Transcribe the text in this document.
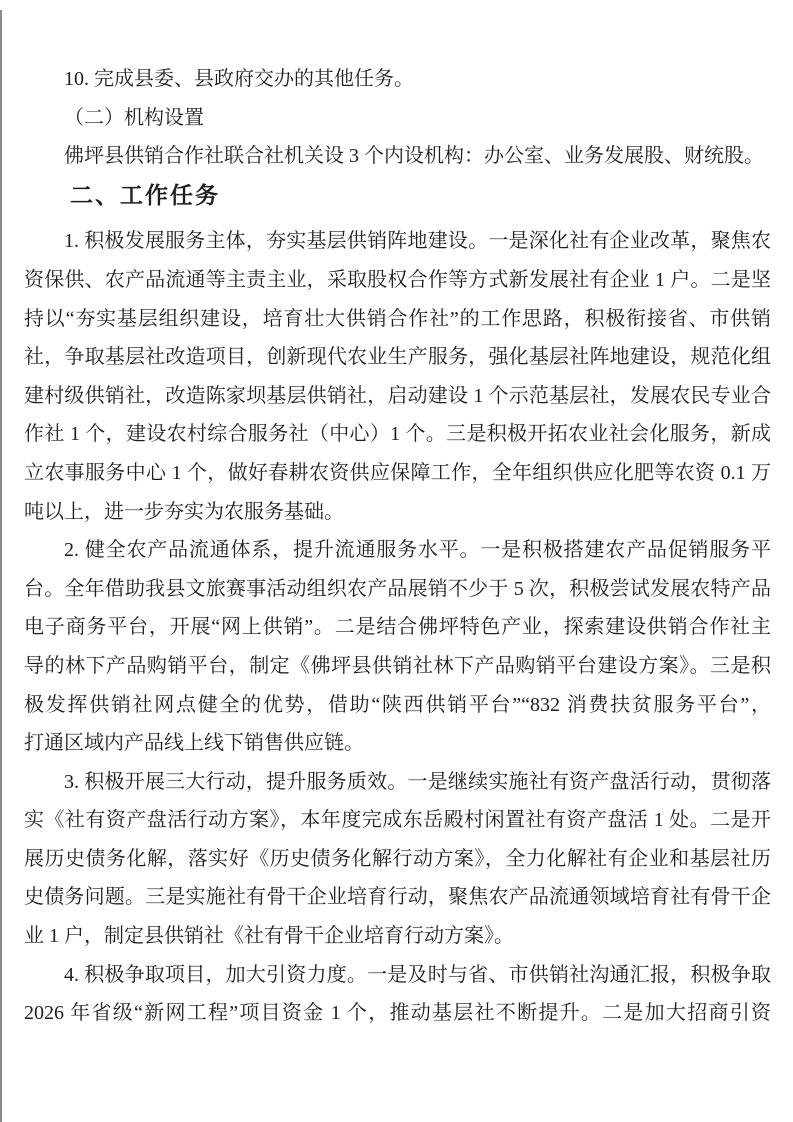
10. 完成县委、县政府交办的其他任务。
（二）机构设置
佛坪县供销合作社联合社机关设 3 个内设机构：办公室、业务发展股、财统股。
二、工作任务
1. 积极发展服务主体，夯实基层供销阵地建设。一是深化社有企业改革，聚焦农
资保供、农产品流通等主责主业，采取股权合作等方式新发展社有企业 1 户。二是坚
持以“夯实基层组织建设，培育壮大供销合作社”的工作思路，积极衔接省、市供销
社，争取基层社改造项目，创新现代农业生产服务，强化基层社阵地建设，规范化组
建村级供销社，改造陈家坝基层供销社，启动建设 1 个示范基层社，发展农民专业合
作社 1 个，建设农村综合服务社（中心）1 个。三是积极开拓农业社会化服务，新成
立农事服务中心 1 个，做好春耕农资供应保障工作，全年组织供应化肥等农资 0.1 万
吨以上，进一步夯实为农服务基础。
2. 健全农产品流通体系，提升流通服务水平。一是积极搭建农产品促销服务平
台。全年借助我县文旅赛事活动组织农产品展销不少于 5 次，积极尝试发展农特产品
电子商务平台，开展“网上供销”。二是结合佛坪特色产业，探索建设供销合作社主
导的林下产品购销平台，制定《佛坪县供销社林下产品购销平台建设方案》。三是积
极发挥供销社网点健全的优势，借助“陕西供销平台”“832 消费扶贫服务平台”，
打通区域内产品线上线下销售供应链。
3. 积极开展三大行动，提升服务质效。一是继续实施社有资产盘活行动，贯彻落
实《社有资产盘活行动方案》，本年度完成东岳殿村闲置社有资产盘活 1 处。二是开
展历史债务化解，落实好《历史债务化解行动方案》，全力化解社有企业和基层社历
史债务问题。三是实施社有骨干企业培育行动，聚焦农产品流通领域培育社有骨干企
业 1 户，制定县供销社《社有骨干企业培育行动方案》。
4. 积极争取项目，加大引资力度。一是及时与省、市供销社沟通汇报，积极争取
2026 年省级“新网工程”项目资金 1 个，推动基层社不断提升。二是加大招商引资
